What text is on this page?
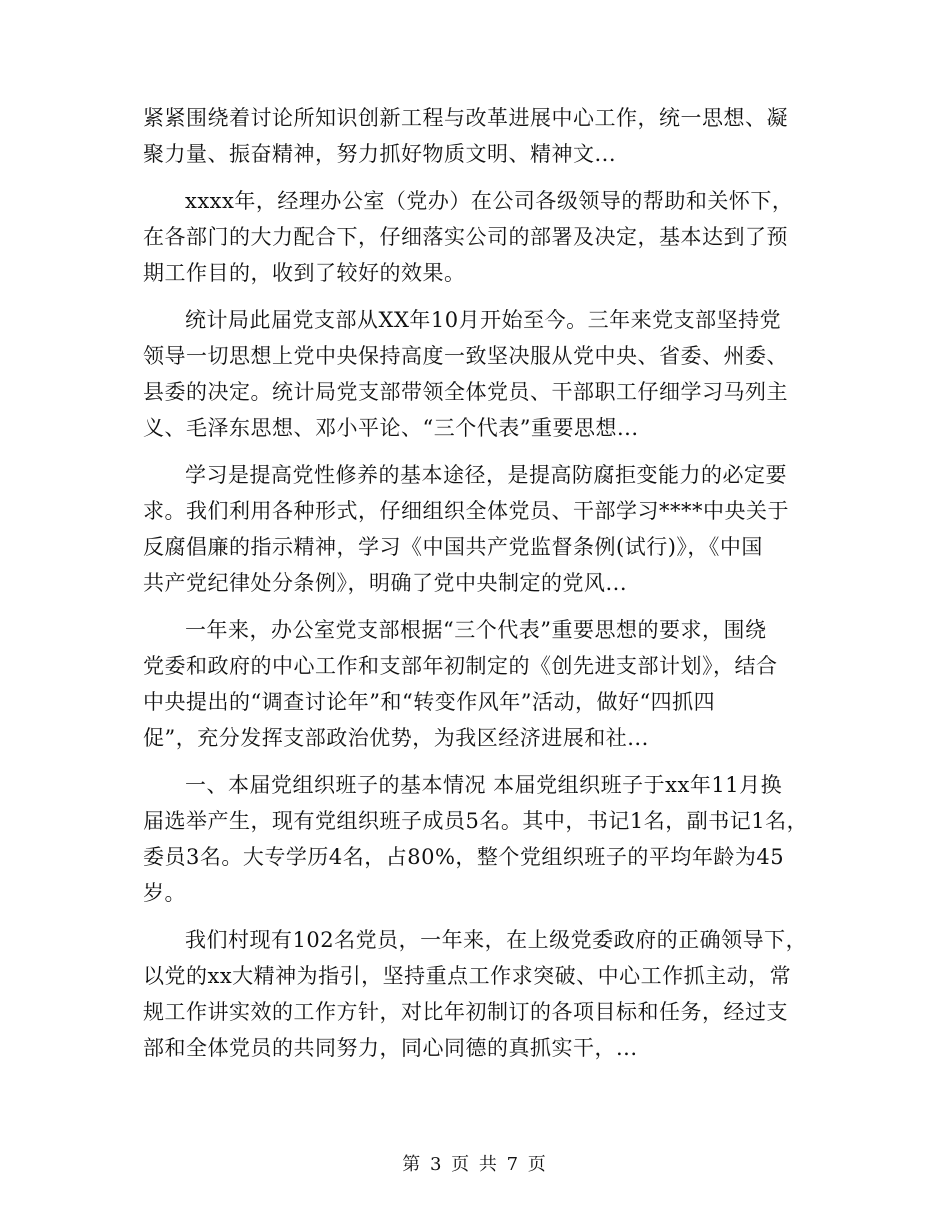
紧紧围绕着讨论所知识创新工程与改革进展中心工作，统一思想、凝
聚力量、振奋精神，努力抓好物质文明、精神文...

xxxx年，经理办公室（党办）在公司各级领导的帮助和关怀下，
在各部门的大力配合下，仔细落实公司的部署及决定，基本达到了预
期工作目的，收到了较好的效果。

统计局此届党支部从XX年10月开始至今。三年来党支部坚持党
领导一切思想上党中央保持高度一致坚决服从党中央、省委、州委、
县委的决定。统计局党支部带领全体党员、干部职工仔细学习马列主
义、毛泽东思想、邓小平论、“三个代表”重要思想...

学习是提高党性修养的基本途径，是提高防腐拒变能力的必定要
求。我们利用各种形式，仔细组织全体党员、干部学习****中央关于
反腐倡廉的指示精神，学习《中国共产党监督条例(试行)》，《中国
共产党纪律处分条例》，明确了党中央制定的党风...

一年来，办公室党支部根据“三个代表”重要思想的要求，围绕
党委和政府的中心工作和支部年初制定的《创先进支部计划》，结合
中央提出的“调查讨论年”和“转变作风年”活动，做好“四抓四
促”，充分发挥支部政治优势，为我区经济进展和社...

一、本届党组织班子的基本情况 本届党组织班子于xx年11月换
届选举产生，现有党组织班子成员5名。其中，书记1名，副书记1名，
委员3名。大专学历4名，占80%，整个党组织班子的平均年龄为45
岁。

我们村现有102名党员，一年来，在上级党委政府的正确领导下，
以党的xx大精神为指引，坚持重点工作求突破、中心工作抓主动，常
规工作讲实效的工作方针，对比年初制订的各项目标和任务，经过支
部和全体党员的共同努力，同心同德的真抓实干，...

第 3 页 共 7 页
